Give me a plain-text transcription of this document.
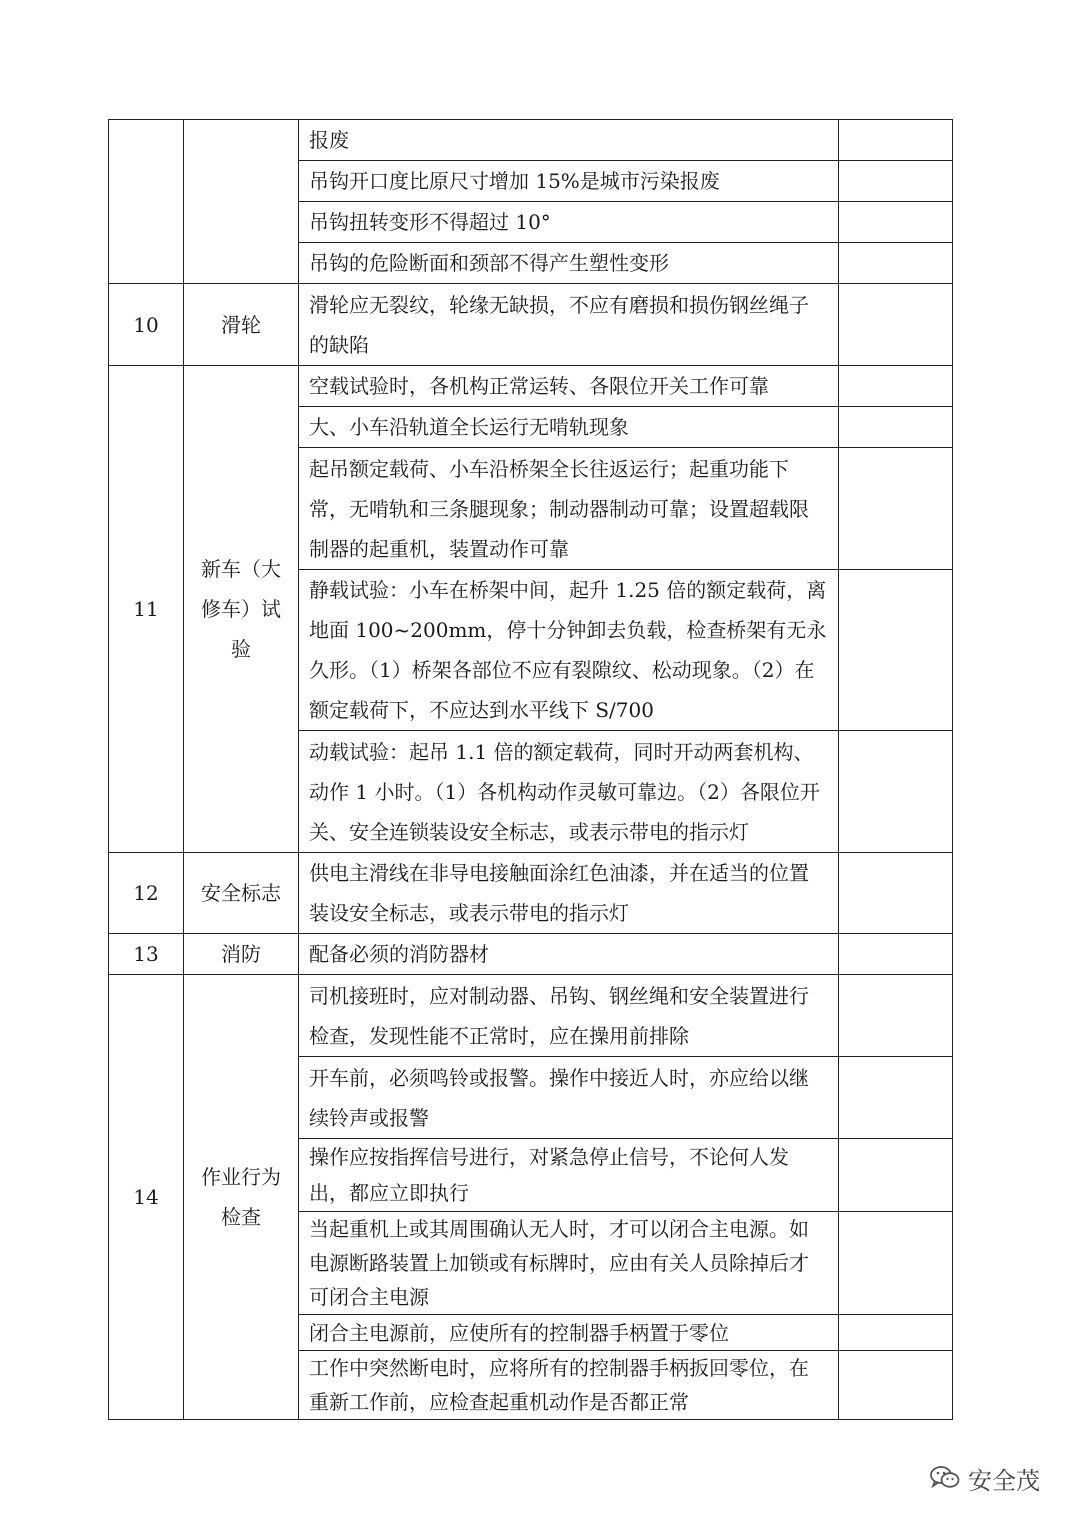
		报废	
		吊钩开口度比原尺寸增加 15%是城市污染报废	
		吊钩扭转变形不得超过 10°	
		吊钩的危险断面和颈部不得产生塑性变形	
10	滑轮	滑轮应无裂纹，轮缘无缺损，不应有磨损和损伤钢丝绳子的缺陷	
11	新车（大修车）试验	空载试验时，各机构正常运转、各限位开关工作可靠	
		大、小车沿轨道全长运行无啃轨现象	
		起吊额定载荷、小车沿桥架全长往返运行；起重功能下常，无啃轨和三条腿现象；制动器制动可靠；设置超载限制器的起重机，装置动作可靠	
		静载试验：小车在桥架中间，起升 1.25 倍的额定载荷，离地面 100~200mm，停十分钟卸去负载，检查桥架有无永久形。（1）桥架各部位不应有裂隙纹、松动现象。（2）在额定载荷下，不应达到水平线下 S/700	
		动载试验：起吊 1.1 倍的额定载荷，同时开动两套机构、动作 1 小时。（1）各机构动作灵敏可靠边。（2）各限位开关、安全连锁装设安全标志，或表示带电的指示灯	
12	安全标志	供电主滑线在非导电接触面涂红色油漆，并在适当的位置装设安全标志，或表示带电的指示灯	
13	消防	配备必须的消防器材	
14	作业行为检查	司机接班时，应对制动器、吊钩、钢丝绳和安全装置进行检查，发现性能不正常时，应在操用前排除	
		开车前，必须鸣铃或报警。操作中接近人时，亦应给以继续铃声或报警	
		操作应按指挥信号进行，对紧急停止信号，不论何人发出，都应立即执行	
		当起重机上或其周围确认无人时，才可以闭合主电源。如电源断路装置上加锁或有标牌时，应由有关人员除掉后才可闭合主电源	
		闭合主电源前，应使所有的控制器手柄置于零位	
		工作中突然断电时，应将所有的控制器手柄扳回零位，在重新工作前，应检查起重机动作是否都正常	
安全茂
